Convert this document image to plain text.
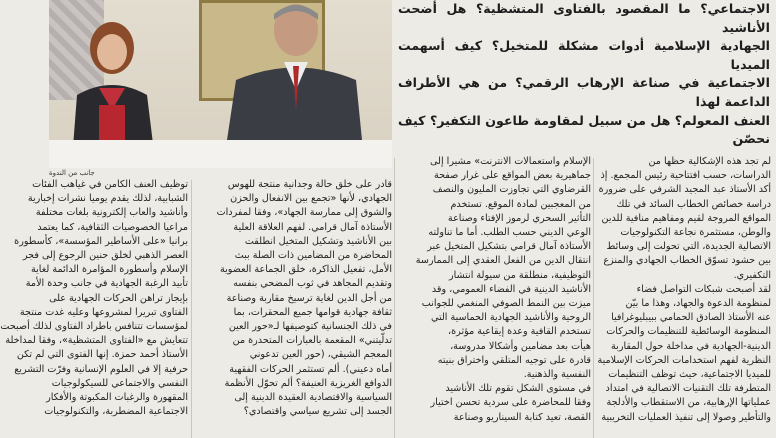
جانب من الندوة

الاجتماعي؟ ما المقصود بالفتاوى المتشظية؟ هل أضحت الأناشيد

الجهادية الإسلامية أدوات مشكلة للمتخيل؟ كيف أسهمت الميديا

الاجتماعية في صناعة الإرهاب الرقمي؟ من هي الأطراف الداعمة لهذا

العنف المعولم؟ هل من سبيل لمقاومة طاعون التكفير؟ كيف نحصّن

لم تجد هذه الإشكالية حظها من

الدراسات، حسب افتتاحية رئيس المجمع. إذ

أكد الأستاذ عبد المجيد الشرفي على ضرورة

دراسة خصائص الخطاب السائد في تلك

المواقع المروجة لقيم ومفاهيم منافية للدين

والوطن، مستثمرة نجاعة التكنولوجيات

الاتصالية الجديدة، التي تحولت إلى وسائط

بين حشود تسوّق الخطاب الجهادي والمنزع

التكفيري.

لقد أصبحت شبكات التواصل فضاء

لمنظومة الدعوة والجهاد، وهذا ما بيّن

عنه الأستاذ الصادق الحمامي ببيبليوغرافيا

المنظومة الوسائطية للتنظيمات والحركات

الدينية-الجهادية في مداخلة حول المقاربة

النظرية لفهم استخدامات الحركات الإسلامية

للميديا الاجتماعية، حيث توظف التنظيمات

المتطرفة تلك التقنيات الاتصالية في امتداد

عملياتها الإرهابية، من الاستقطاب والأدلجة

والتأطير وصولا إلى تنفيذ العمليات التخريبية

الإسلام واستعمالات الانترنت» مشيرا إلى

جماهيرية بعض المواقع على غرار صفحة

القرضاوي التي تجاوزت المليون والنصف

من المعجبين لمادة الموقع. تستخدم

التأثير السحري لرموز الإفتاء وصناعة

الوعي الديني حسب الطلب. أما ما تناولته

الأستاذة آمال قرامي بتشكيل المتخيل عبر

انتقال الدين من الفعل العقدي إلى الممارسة

التوظيفية، منطلقة من سيولة انتشار

الأناشيد الدينية في الفضاء العمومي، وقد

ميزت بين النمط الصوفي المنغمي للجوانب

الروحية والأناشيد الجهادية الحماسية التي

تستخدم القافية وعدة إيقاعية مؤثرة،

هيأت بعد مضامين وأشكالا مدروسة،

قادرة على توجيه المتلقي واختراق بنيته

النفسية والذهنية.

في مستوى الشكل تقوم تلك الأناشيد

وفقا للمحاضرة على سردية تحسن اختيار

القصة، تعيد كتابة السيناريو وصناعة

قادر على خلق حالة وجدانية منتجة للهوس

الجهادي، لأنها «تجمع بين الانفعال والحزن

والشوق إلى ممارسة الجهاد»، وفقا لمفردات

الأستاذة آمال قرامي. لفهم العلاقة العلية

بين الأناشيد وتشكيل المتخيل انطلقت

المحاضرة من المضامين ذات الصلة ببث

الأمل، تفعيل الذاكرة، خلق الجماعة العضوية

وتقديم المجاهد في ثوب المضحي بنفسه

من أجل الدين لغاية ترسيخ مقاربة وصناعة

ثقافة جهادية قوامها جميع المحقرات، بما

في ذلك الجنسانية كتوصيفها لـ«حور العين

تدلّيتني» المقعمة بالعبارات المتحدرة من

المعجم الشيقي، (حور العين تدعوني

أماه دعيني). ألم تستثمر الحركات الفقهية

الدوافع الغريزية العنيفة؟ ألم تحوّل الأنظمة

السياسية والاقتصادية العقيدة الدينية إلى

الجسد إلى تشريع سياسي واقتصادي؟

توظيف العنف الكامن في غياهب الفئات

الشبابية، لذلك يقدم يوميا نشرات إخبارية

وأناشيد والعاب إلكترونية بلغات مختلفة

مراعيا الخصوصيات الثقافية، كما يعتمد

برانيا «على الأساطير المؤسسة»، كأسطورة

العصر الذهبي لخلق حنين الرجوع إلى فجر

الإسلام وأسطورة المؤامرة الدائمة لغاية

تأبيد الرغبة الجهادية في جانب وحدة الأمة

بإيجاز تراهن الحركات الجهادية على

الفتاوى تبريرا لمشروعها وعليه غدت منتجة

لمؤسسات تتنافس باطراد الفتاوى لذلك أصبحت

تتعايش مع «الفتاوى المتشظية»، وفقا لمداخلة

الأستاذ أحمد حمزة. إنها الفتوى التي لم تكن

حرفية إلا في العلوم الإنسانية وفرّت التشريع

النفسي والاجتماعي للسيكولوجيات

المقهورة والرغبات المكبوتة والأفكار

الاجتماعية المضطربة، والتكنولوجيات
